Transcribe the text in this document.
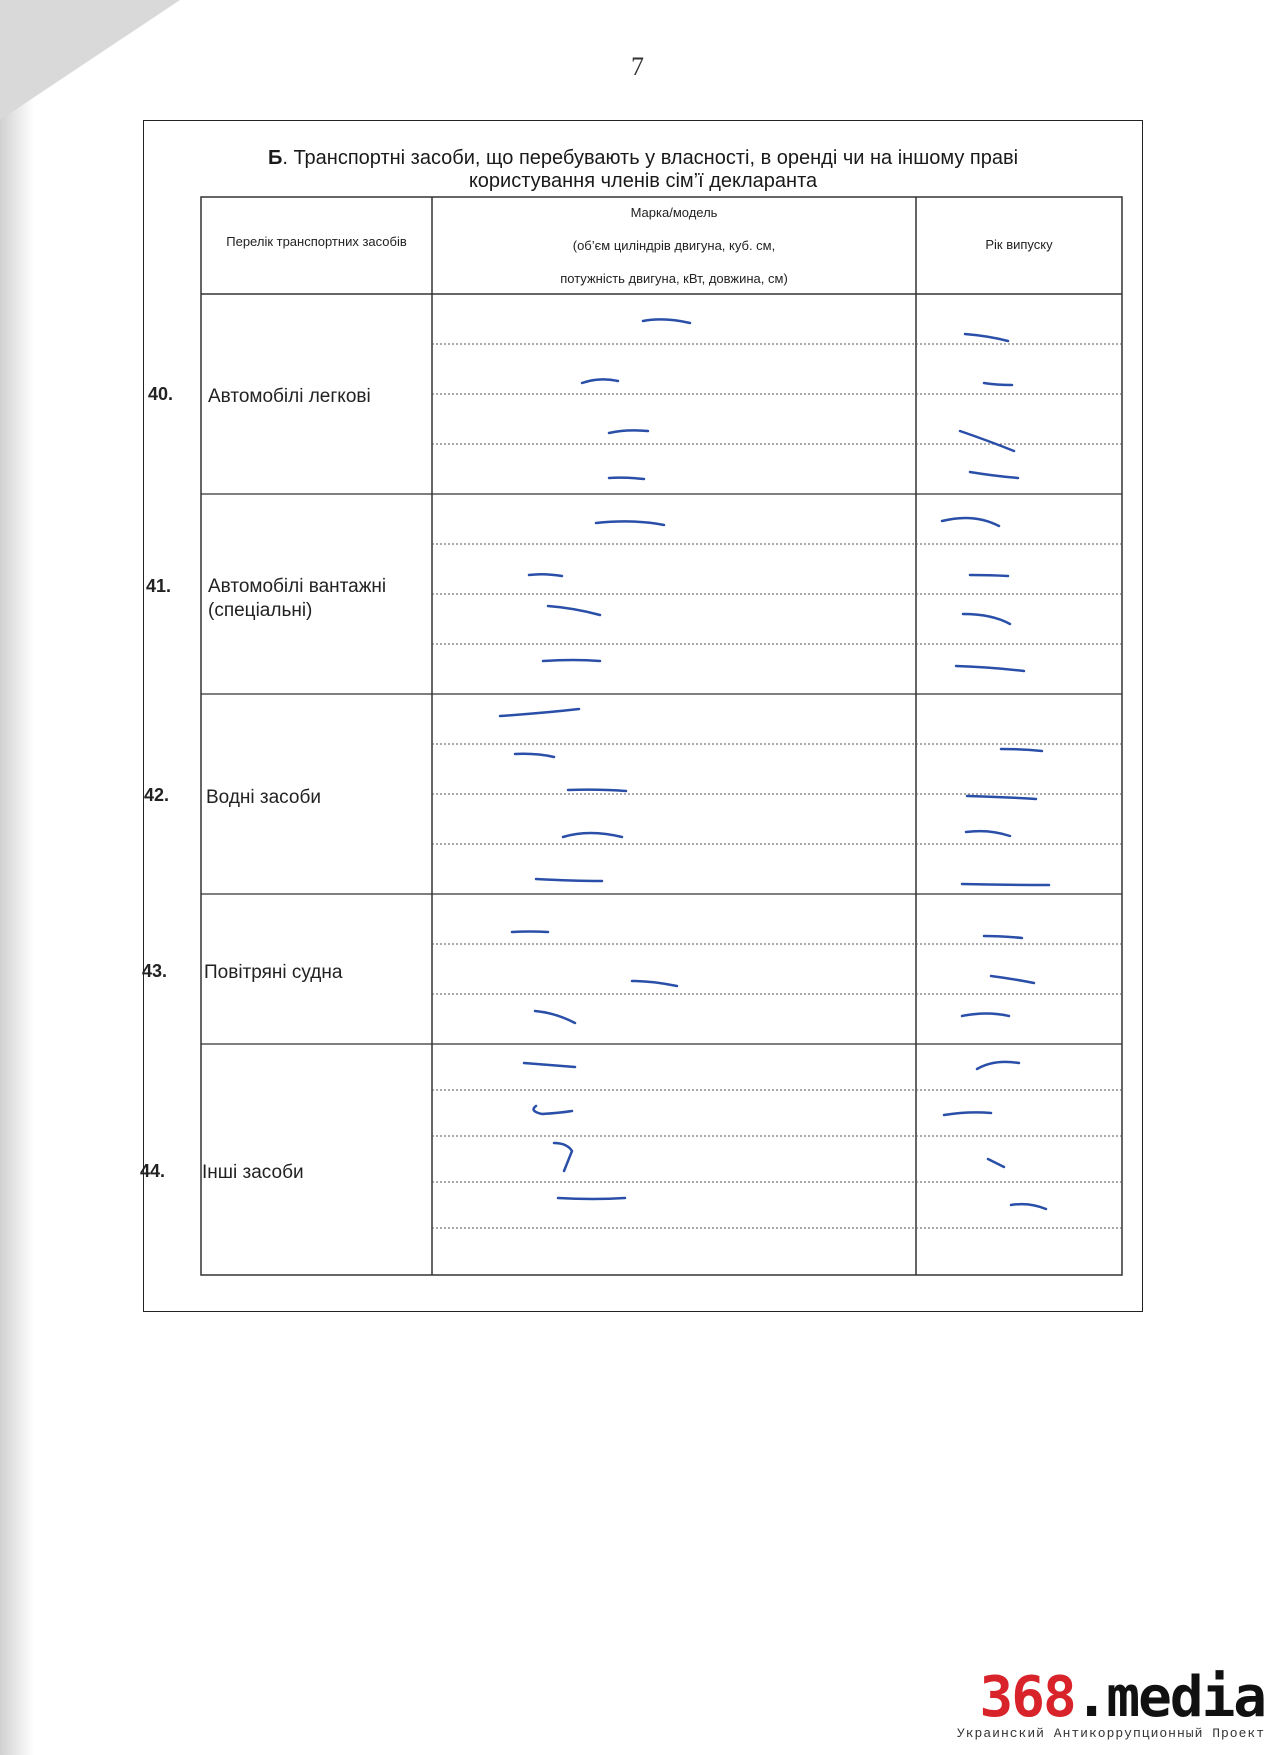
7
Б. Транспортні засоби, що перебувають у власності, в оренді чи на іншому праві
користування членів сім’ї декларанта
Перелік транспортних засобів
Марка/модель
(об’єм циліндрів двигуна, куб. см,
потужність двигуна, кВт, довжина, см)
Рік випуску
40. Автомобілі легкові
41. Автомобілі вантажні
(спеціальні)
42. Водні засоби
43. Повітряні судна
44. Інші засоби
368.media
Украинский Антикоррупционный Проект
